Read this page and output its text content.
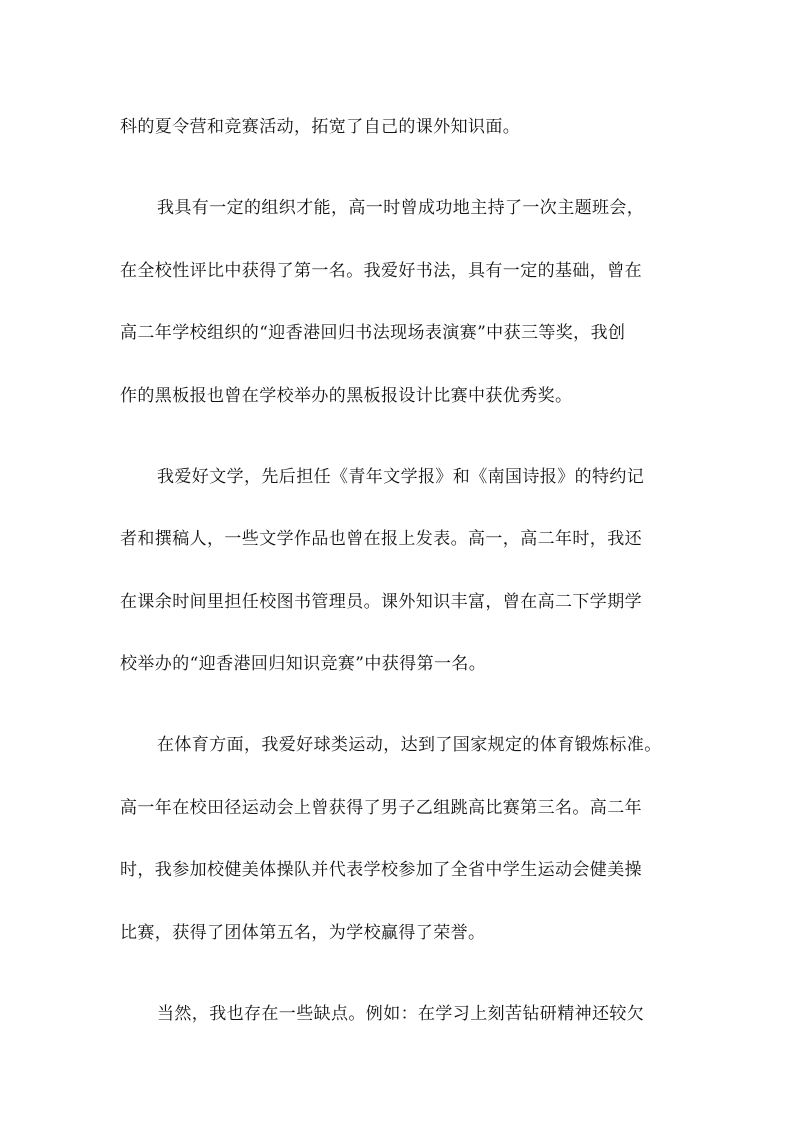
科的夏令营和竞赛活动，拓宽了自己的课外知识面。
我具有一定的组织才能，高一时曾成功地主持了一次主题班会，
在全校性评比中获得了第一名。我爱好书法，具有一定的基础，曾在
高二年学校组织的“迎香港回归书法现场表演赛”中获三等奖，我创
作的黑板报也曾在学校举办的黑板报设计比赛中获优秀奖。
我爱好文学，先后担任《青年文学报》和《南国诗报》的特约记
者和撰稿人，一些文学作品也曾在报上发表。高一，高二年时，我还
在课余时间里担任校图书管理员。课外知识丰富，曾在高二下学期学
校举办的“迎香港回归知识竞赛”中获得第一名。
在体育方面，我爱好球类运动，达到了国家规定的体育锻炼标准。
高一年在校田径运动会上曾获得了男子乙组跳高比赛第三名。高二年
时，我参加校健美体操队并代表学校参加了全省中学生运动会健美操
比赛，获得了团体第五名，为学校赢得了荣誉。
当然，我也存在一些缺点。例如：在学习上刻苦钻研精神还较欠
